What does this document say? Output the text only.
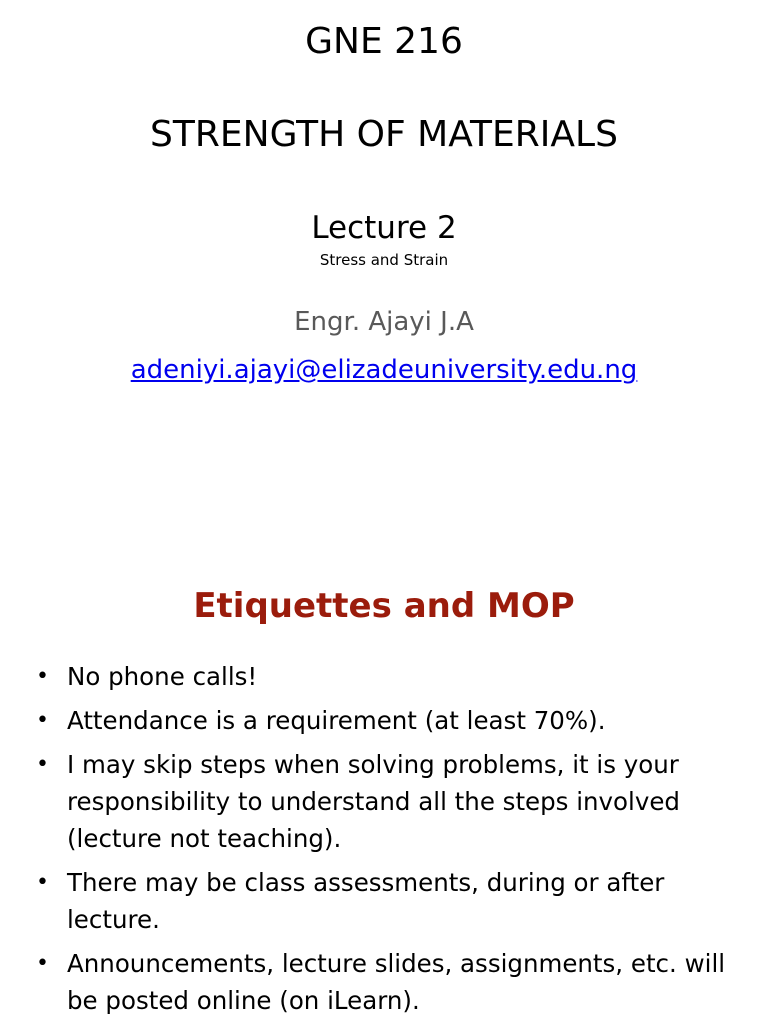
GNE 216
STRENGTH OF MATERIALS
Lecture 2
Stress and Strain
Engr. Ajayi J.A
adeniyi.ajayi@elizadeuniversity.edu.ng
Etiquettes and MOP
• No phone calls!
• Attendance is a requirement (at least 70%).
• I may skip steps when solving problems, it is your responsibility to understand all the steps involved (lecture not teaching).
• There may be class assessments, during or after lecture.
• Announcements, lecture slides, assignments, etc. will be posted online (on iLearn).
